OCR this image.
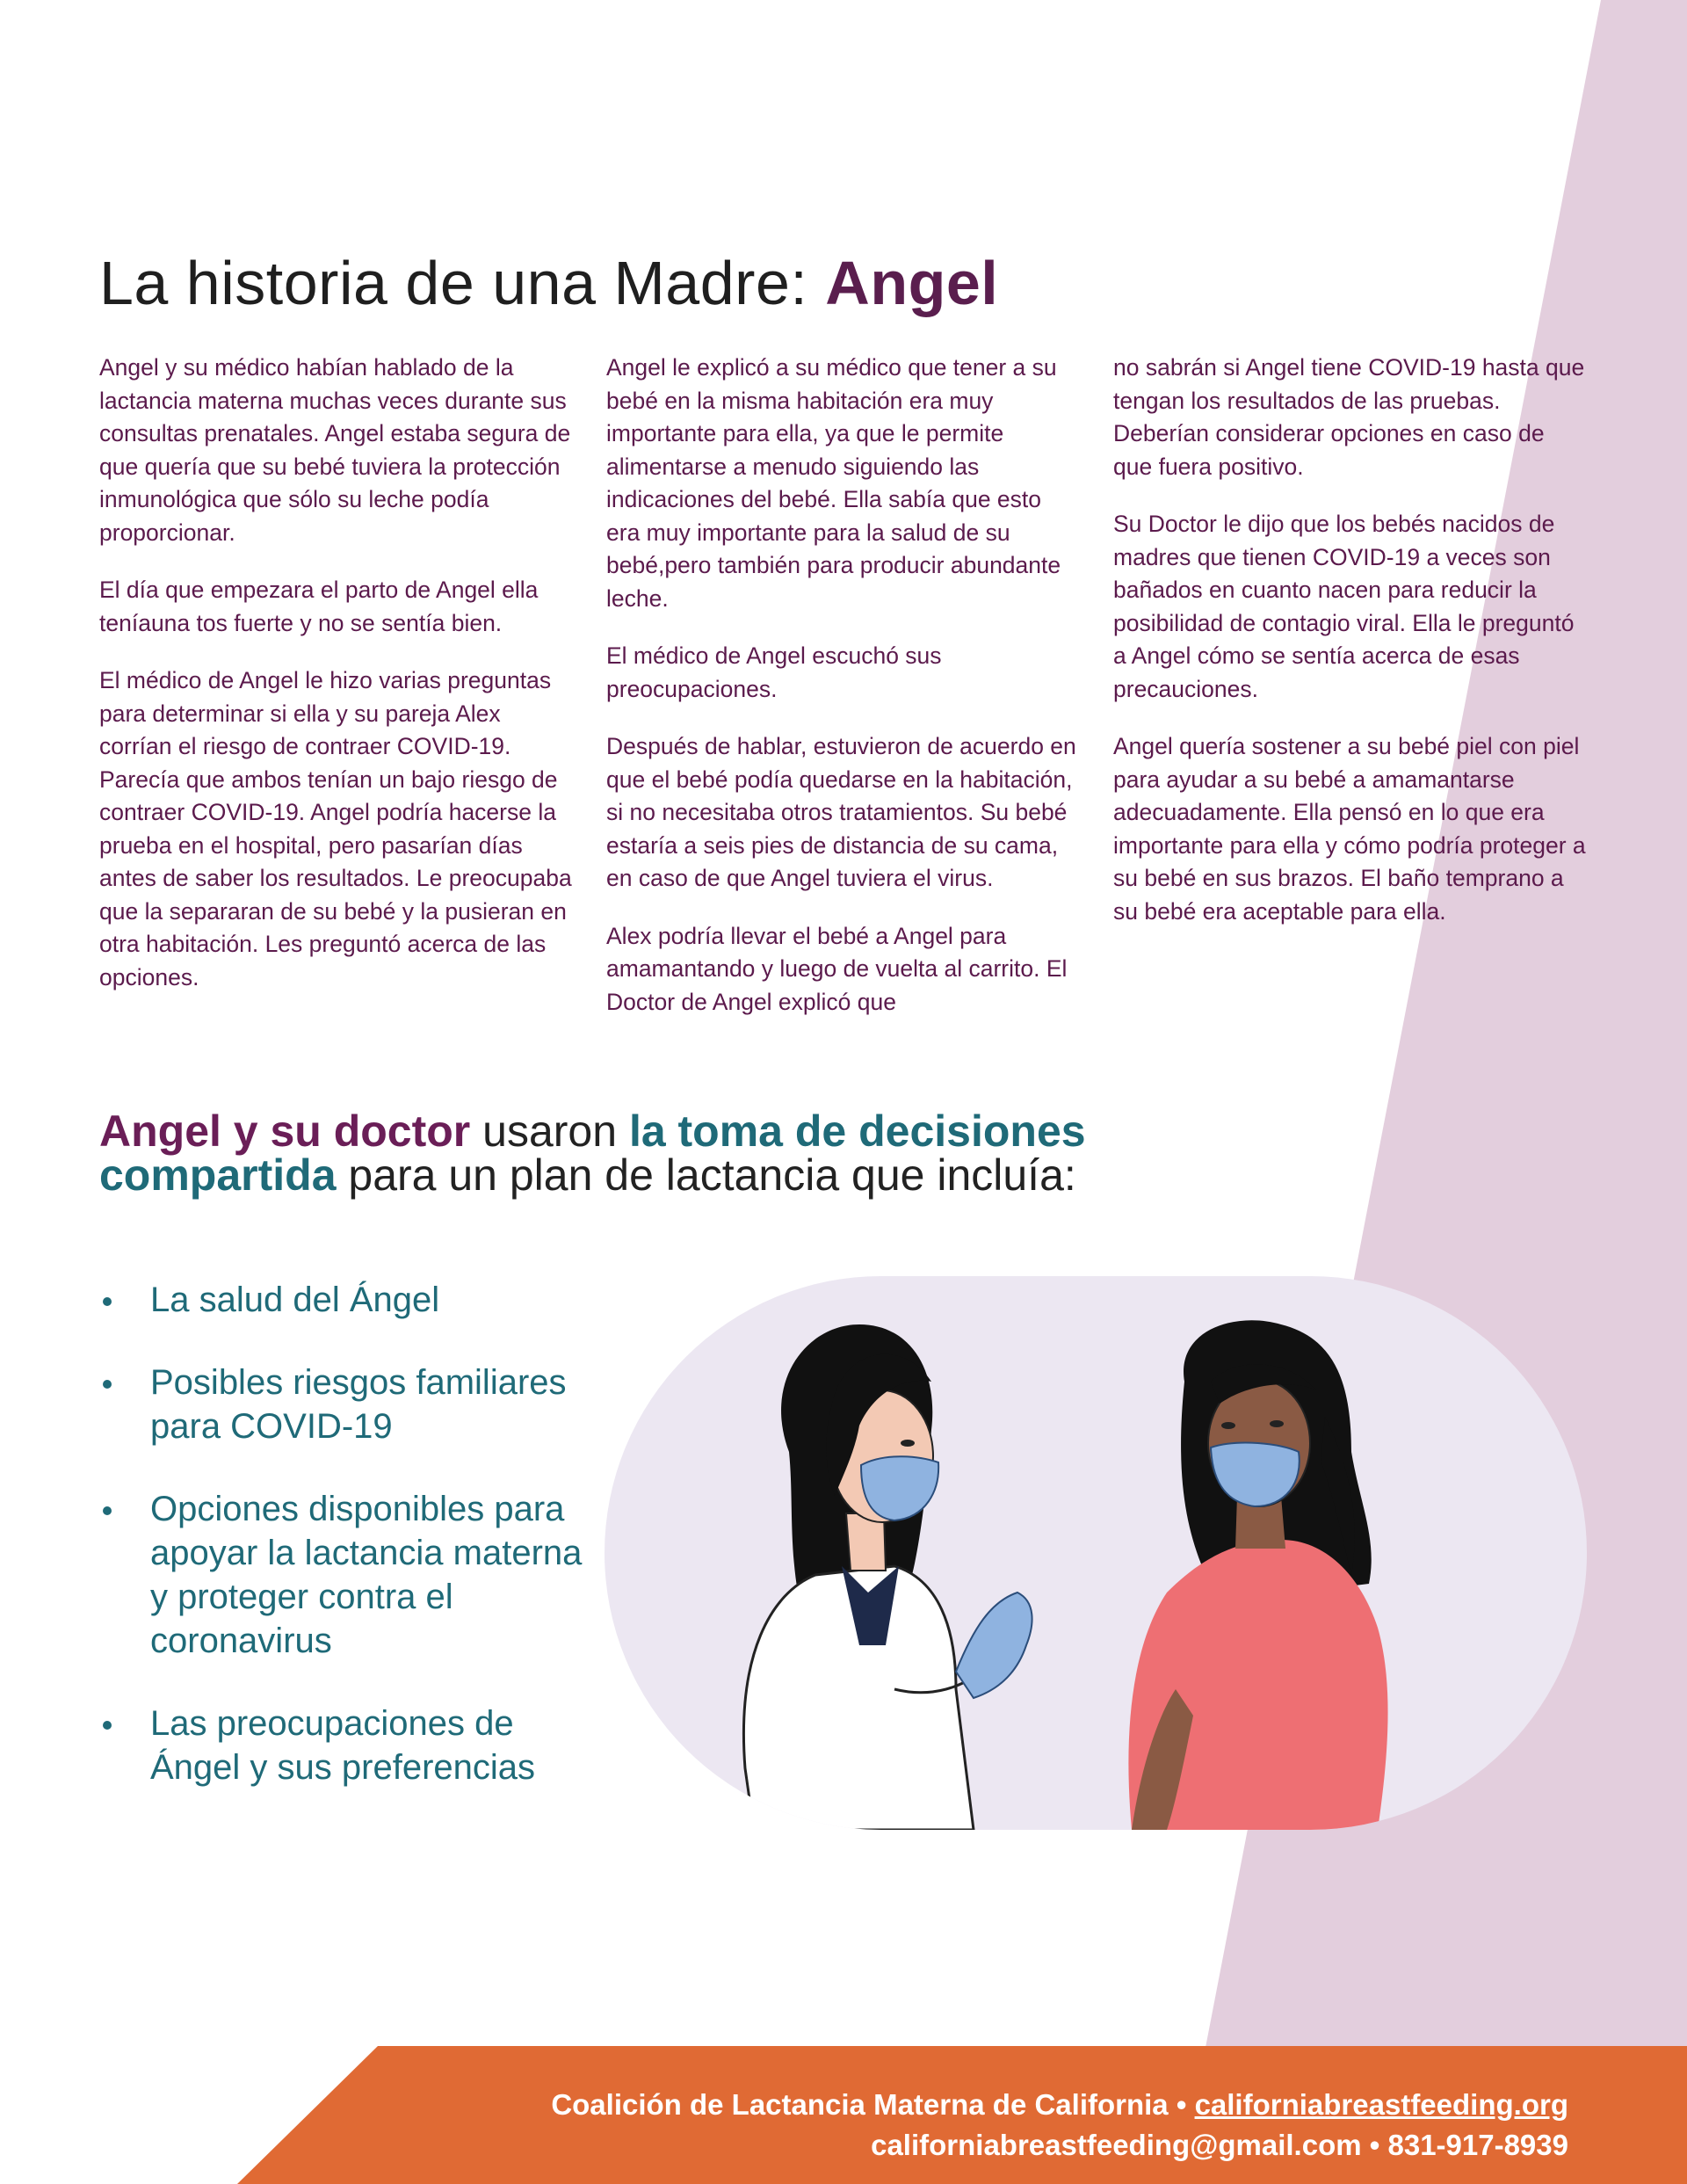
La historia de una Madre: Angel

Angel y su médico habían hablado de la lactancia materna muchas veces durante sus consultas prenatales. Angel estaba segura de que quería que su bebé tuviera la protección inmunológica que sólo su leche podía proporcionar.

El día que empezara el parto de Angel ella teníauna tos fuerte y no se sentía bien.

El médico de Angel le hizo varias preguntas para determinar si ella y su pareja Alex corrían el riesgo de contraer COVID-19. Parecía que ambos tenían un bajo riesgo de contraer COVID-19. Angel podría hacerse la prueba en el hospital, pero pasarían días antes de saber los resultados. Le preocupaba que la separaran de su bebé y la pusieran en otra habitación. Les preguntó acerca de las opciones.

Angel le explicó a su médico que tener a su bebé en la misma habitación era muy importante para ella, ya que le permite alimentarse a menudo siguiendo las indicaciones del bebé. Ella sabía que esto era muy importante para la salud de su bebé,pero también para producir abundante leche.

El médico de Angel escuchó sus preocupaciones.

Después de hablar, estuvieron de acuerdo en que el bebé podía quedarse en la habitación, si no necesitaba otros tratamientos. Su bebé estaría a seis pies de distancia de su cama, en caso de que Angel tuviera el virus.

Alex podría llevar el bebé a Angel para amamantando y luego de vuelta al carrito. El Doctor de Angel explicó que

no sabrán si Angel tiene COVID-19 hasta que tengan los resultados de las pruebas. Deberían considerar opciones en caso de que fuera positivo.

Su Doctor le dijo que los bebés nacidos de madres que tienen COVID-19 a veces son bañados en cuanto nacen para reducir la posibilidad de contagio viral. Ella le preguntó a Angel cómo se sentía acerca de esas precauciones.

Angel quería sostener a su bebé piel con piel para ayudar a su bebé a amamantarse adecuadamente. Ella pensó en lo que era importante para ella y cómo podría proteger a su bebé en sus brazos. El baño temprano a su bebé era aceptable para ella.

Angel y su doctor usaron la toma de decisiones compartida para un plan de lactancia que incluía:
La salud del Ángel
Posibles riesgos familiares para COVID-19
Opciones disponibles para apoyar la lactancia materna y proteger contra el coronavirus
Las preocupaciones de Ángel y sus preferencias
Coalición de Lactancia Materna de California • californiabreastfeeding.org
californiabreastfeeding@gmail.com • 831-917-8939
